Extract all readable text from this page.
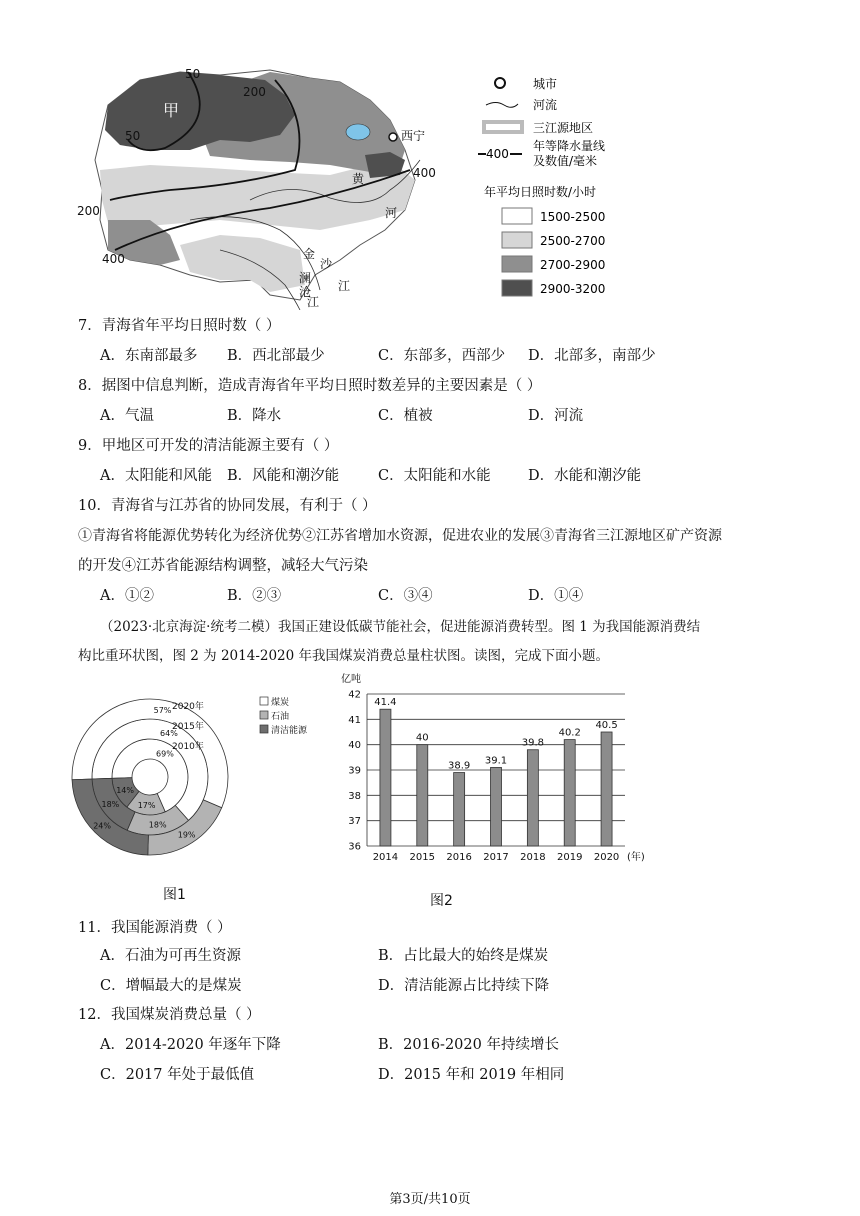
甲
50
50
200
200
400
400
西宁
黄
河
金
沙
江
澜
沧
江
城市
河流
三江源地区
400
年等降水量线
及数值/毫米
年平均日照时数/小时
1500-2500
2500-2700
2700-2900
2900-3200
7．青海省年平均日照时数（ ）
A．东南部最多 B．西北部最少	C．东部多，西部少 D．北部多，南部少
8．据图中信息判断，造成青海省年平均日照时数差异的主要因素是（ ）
A．气温	B．降水	C．植被	D．河流
9．甲地区可开发的清洁能源主要有（ ）
A．太阳能和风能 B．风能和潮汐能	C．太阳能和水能	D．水能和潮汐能
10．青海省与江苏省的协同发展，有利于（ ）
①青海省将能源优势转化为经济优势②江苏省增加水资源，促进农业的发展③青海省三江源地区矿产资源
的开发④江苏省能源结构调整，减轻大气污染
A．①②	B．②③	C．③④	D．①④
（2023·北京海淀·统考二模）我国正建设低碳节能社会，促进能源消费转型。图 1 为我国能源消费结
构比重环状图，图 2 为 2014-2020 年我国煤炭消费总量柱状图。读图，完成下面小题。
69%
17%
14%
64%
18%
18%
57%
19%
24%
2010年
2015年
2020年	煤炭
石油
清洁能源
图1
36
37
38
39
40
41
42
亿吨
41.4
2014
40
2015
38.9
2016
39.1
2017
39.8
2018
40.2
2019
40.5
2020 (年)
图2
11．我国能源消费（ ）
A．石油为可再生资源	B．占比最大的始终是煤炭
C．增幅最大的是煤炭	D．清洁能源占比持续下降
12．我国煤炭消费总量（ ）
A．2014-2020 年逐年下降	B．2016-2020 年持续增长
C．2017 年处于最低值	D．2015 年和 2019 年相同
第3页/共10页
